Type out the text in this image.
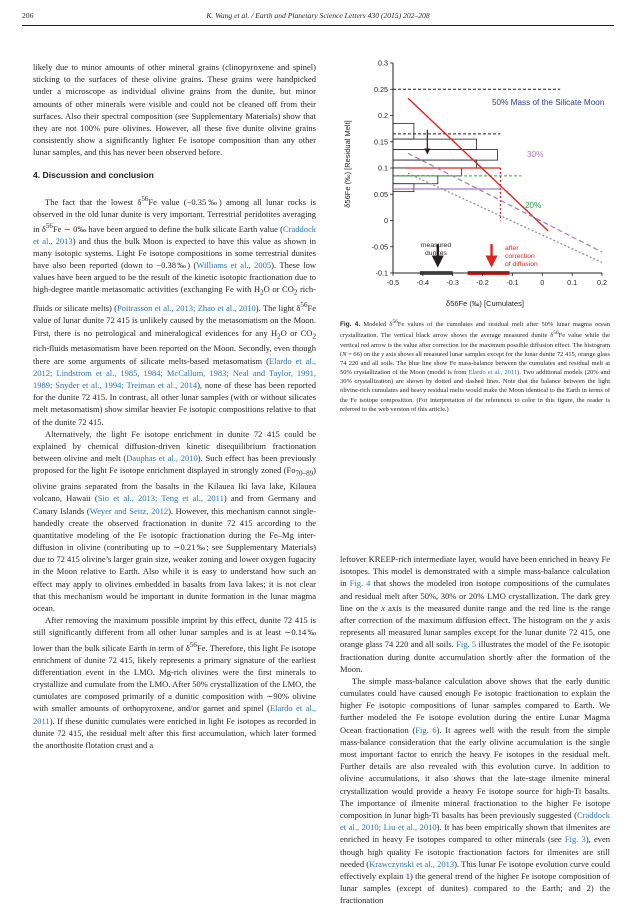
206	K. Wang et al. / Earth and Planetary Science Letters 430 (2015) 202–208

likely due to minor amounts of other mineral grains (clinopyroxene and spinel) sticking to the surfaces of these olivine grains. These grains were handpicked under a microscope as individual olivine grains from the dunite, but minor amounts of other minerals were visible and could not be cleaned off from their surfaces. Also their spectral composition (see Supplementary Materials) show that they are not 100% pure olivines. However, all these five dunite olivine grains consistently show a significantly lighter Fe isotope composition than any other lunar samples, and this has never been observed before.

4. Discussion and conclusion

The fact that the lowest $\delta^{56}Fe$ value (−0.35‰) among all lunar rocks is observed in the old lunar dunite is very important. Terrestrial peridotites averaging in $\delta^{56}Fe$ ∼ 0‰ have been argued to define the bulk silicate Earth value (Craddock et al., 2013) and thus the bulk Moon is expected to have this value as shown in many isotopic systems. Light Fe isotope compositions in some terrestrial dunites have also been reported (down to −0.38‰) (Williams et al., 2005). These low values have been argued to be the result of the kinetic isotopic fractionation due to high-degree mantle metasomatic activities (exchanging Fe with $H_2O$ or $CO_2$ rich-fluids or silicate melts) (Poitrasson et al., 2013; Zhao et al., 2010). The light $\delta^{56}Fe$ value of lunar dunite 72 415 is unlikely caused by the metasomatism on the Moon. First, there is no petrological and mineralogical evidences for any $H_2O$ or $CO_2$ rich-fluids metasomatism have been reported on the Moon. Secondly, even though there are some arguments of silicate melts-based metasomatism (Elardo et al., 2012; Lindstrom et al., 1985, 1984; McCallum, 1983; Neal and Taylor, 1991, 1989; Snyder et al., 1994; Treiman et al., 2014), none of these has been reported for the dunite 72 415. In contrast, all other lunar samples (with or without silicates melt metasomatism) show similar heavier Fe isotopic compositions relative to that of the dunite 72 415.

Alternatively, the light Fe isotope enrichment in dunite 72 415 could be explained by chemical diffusion-driven kinetic disequilibrium fractionation between olivine and melt (Dauphas et al., 2010). Such effect has been previously proposed for the light Fe isotope enrichment displayed in strongly zoned $(Fo_{70-89})$ olivine grains separated from the basalts in the Kilauea Iki lava lake, Kilauea volcano, Hawaii (Sio et al., 2013; Teng et al., 2011) and from Germany and Canary Islands (Weyer and Seitz, 2012). However, this mechanism cannot single-handedly create the observed fractionation in dunite 72 415 according to the quantitative modeling of the Fe isotopic fractionation during the Fe–Mg inter-diffusion in olivine (contributing up to ∼0.21‰; see Supplementary Materials) due to 72 415 olivine’s larger grain size, weaker zoning and lower oxygen fugacity in the Moon relative to Earth. Also while it is easy to understand how such an effect may apply to olivines embedded in basalts from lava lakes; it is not clear that this mechanism would be important in dunite formation in the lunar magma ocean.

After removing the maximum possible imprint by this effect, dunite 72 415 is still significantly different from all other lunar samples and is at least ∼0.14‰ lower than the bulk silicate Earth in term of $\delta^{56}Fe$. Therefore, this light Fe isotope enrichment of dunite 72 415, likely represents a primary signature of the earliest differentiation event in the LMO. Mg-rich olivines were the first minerals to crystallize and cumulate from the LMO. After 50% crystallization of the LMO, the cumulates are composed primarily of a dunitic composition with ∼90% olivine with smaller amounts of orthopyroxene, and/or garnet and spinel (Elardo et al., 2011). If these dunitic cumulates were enriched in light Fe isotopes as recorded in dunite 72 415, the residual melt after this first accumulation, which later formed the anorthosite flotation crust and a

0.3
0.25
0.2
0.15
0.1
0.05
0
-0.05
-0.1
-0.5 -0.4 -0.3 -0.2 -0.1	0	0.1	0.2
δ56Fe (‰) [Residual Melt]
δ56Fe (‰) [Cumulates]
50% Mass of the Silicate Moon
30%
20%
measured dunites
after correction of diffusion
Fig. 4. Modeled $\delta^{56}Fe$ values of the cumulates and residual melt after 50% lunar magma ocean crystallization. The vertical black arrow shows the average measured dunite $\delta^{56}Fe$ value while the vertical red arrow is the value after correction for the maximum possible diffusion effect. The histogram (N = 66) on the y axis shows all measured lunar samples except for the lunar dunite 72 415, orange glass 74 220 and all soils. The blue line show Fe mass-balance between the cumulates and residual melt at 50% crystallization of the Moon (model is from Elardo et al., 2011). Two additional models (20% and 30% crystallization) are shown by dotted and dashed lines. Note that the balance between the light olivine-rich cumulates and heavy residual melts would make the Moon identical to the Earth in terms of the Fe isotope composition. (For interpretation of the references to color in this figure, the reader is referred to the web version of this article.)

leftover KREEP-rich intermediate layer, would have been enriched in heavy Fe isotopes. This model is demonstrated with a simple mass-balance calculation in Fig. 4 that shows the modeled iron isotope compositions of the cumulates and residual melt after 50%, 30% or 20% LMO crystallization. The dark grey line on the x axis is the measured dunite range and the red line is the range after correction of the maximum diffusion effect. The histogram on the y axis represents all measured lunar samples except for the lunar dunite 72 415, one orange glass 74 220 and all soils. Fig. 5 illustrates the model of the Fe isotopic fractionation during dunite accumulation shortly after the formation of the Moon.

The simple mass-balance calculation above shows that the early dunitic cumulates could have caused enough Fe isotopic fractionation to explain the higher Fe isotopic compositions of lunar samples compared to Earth. We further modeled the Fe isotope evolution during the entire Lunar Magma Ocean fractionation (Fig. 6). It agrees well with the result from the simple mass-balance consideration that the early olivine accumulation is the single most important factor to enrich the heavy Fe isotopes in the residual melt. Further details are also revealed with this evolution curve. In addition to olivine accumulations, it also shows that the late-stage ilmenite mineral crystallization would provide a heavy Fe isotope source for high-Ti basalts. The importance of ilmenite mineral fractionation to the higher Fe isotope composition in lunar high-Ti basalts has been previously suggested (Craddock et al., 2010; Liu et al., 2010). It has been empirically shown that ilmenites are enriched in heavy Fe isotopes compared to other minerals (see Fig. 3), even though high quality Fe isotopic fractionation factors for ilmenites are still needed (Krawczynski et al., 2013). This lunar Fe isotope evolution curve could effectively explain 1) the general trend of the higher Fe isotope composition of lunar samples (except of dunites) compared to the Earth; and 2) the fractionation
